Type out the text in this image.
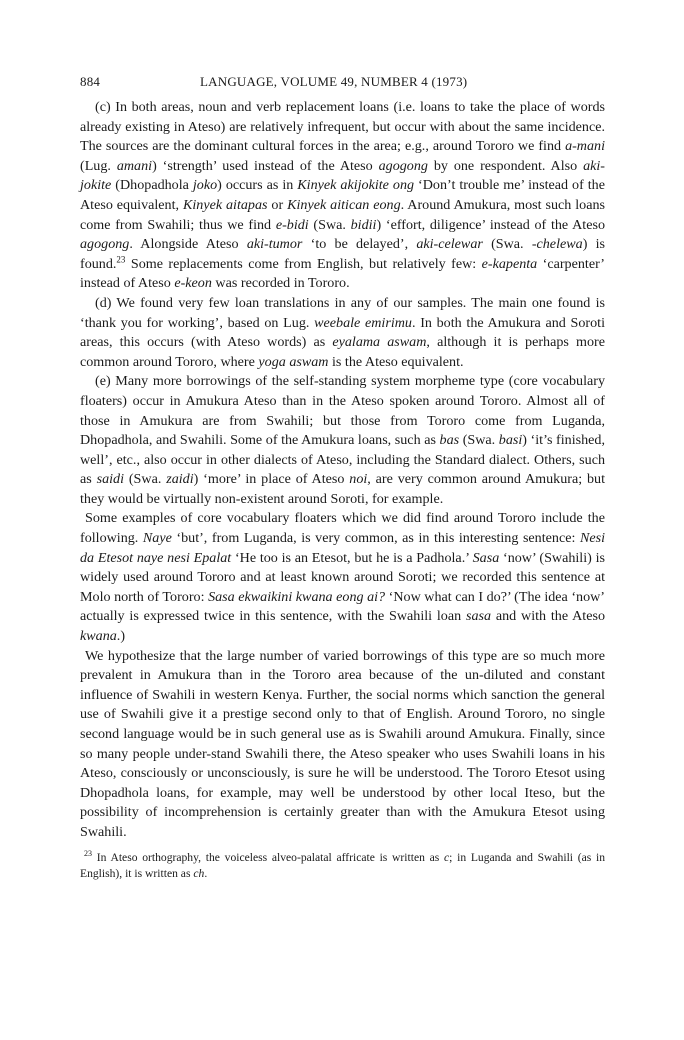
884	LANGUAGE, VOLUME 49, NUMBER 4 (1973)

(c) In both areas, noun and verb replacement loans (i.e. loans to take the place of words already existing in Ateso) are relatively infrequent, but occur with about the same incidence. The sources are the dominant cultural forces in the area; e.g., around Tororo we find a-mani (Lug. amani) ‘strength’ used instead of the Ateso agogong by one respondent. Also aki-jokite (Dhopadhola joko) occurs as in Kinyek akijokite ong ‘Don’t trouble me’ instead of the Ateso equivalent, Kinyek aitapas or Kinyek aitican eong. Around Amukura, most such loans come from Swahili; thus we find e-bidi (Swa. bidii) ‘effort, diligence’ instead of the Ateso agogong. Alongside Ateso aki-tumor ‘to be delayed’, aki-celewar (Swa. -chelewa) is found.$^{23}$ Some replacements come from English, but relatively few: e-kapenta ‘carpenter’ instead of Ateso e-keon was recorded in Tororo.

(d) We found very few loan translations in any of our samples. The main one found is ‘thank you for working’, based on Lug. weebale emirimu. In both the Amukura and Soroti areas, this occurs (with Ateso words) as eyalama aswam, although it is perhaps more common around Tororo, where yoga aswam is the Ateso equivalent.

(e) Many more borrowings of the self-standing system morpheme type (core vocabulary floaters) occur in Amukura Ateso than in the Ateso spoken around Tororo. Almost all of those in Amukura are from Swahili; but those from Tororo come from Luganda, Dhopadhola, and Swahili. Some of the Amukura loans, such as bas (Swa. basi) ‘it’s finished, well’, etc., also occur in other dialects of Ateso, including the Standard dialect. Others, such as saidi (Swa. zaidi) ‘more’ in place of Ateso noi, are very common around Amukura; but they would be virtually non-existent around Soroti, for example.

Some examples of core vocabulary floaters which we did find around Tororo include the following. Naye ‘but’, from Luganda, is very common, as in this interesting sentence: Nesi da Etesot naye nesi Epalat ‘He too is an Etesot, but he is a Padhola.’ Sasa ‘now’ (Swahili) is widely used around Tororo and at least known around Soroti; we recorded this sentence at Molo north of Tororo: Sasa ekwaikini kwana eong ai? ‘Now what can I do?’ (The idea ‘now’ actually is expressed twice in this sentence, with the Swahili loan sasa and with the Ateso kwana.)

We hypothesize that the large number of varied borrowings of this type are so much more prevalent in Amukura than in the Tororo area because of the un-diluted and constant influence of Swahili in western Kenya. Further, the social norms which sanction the general use of Swahili give it a prestige second only to that of English. Around Tororo, no single second language would be in such general use as is Swahili around Amukura. Finally, since so many people under-stand Swahili there, the Ateso speaker who uses Swahili loans in his Ateso, consciously or unconsciously, is sure he will be understood. The Tororo Etesot using Dhopadhola loans, for example, may well be understood by other local Iteso, but the possibility of incomprehension is certainly greater than with the Amukura Etesot using Swahili.

$^{23}$ In Ateso orthography, the voiceless alveo-palatal affricate is written as c; in Luganda and Swahili (as in English), it is written as ch.
